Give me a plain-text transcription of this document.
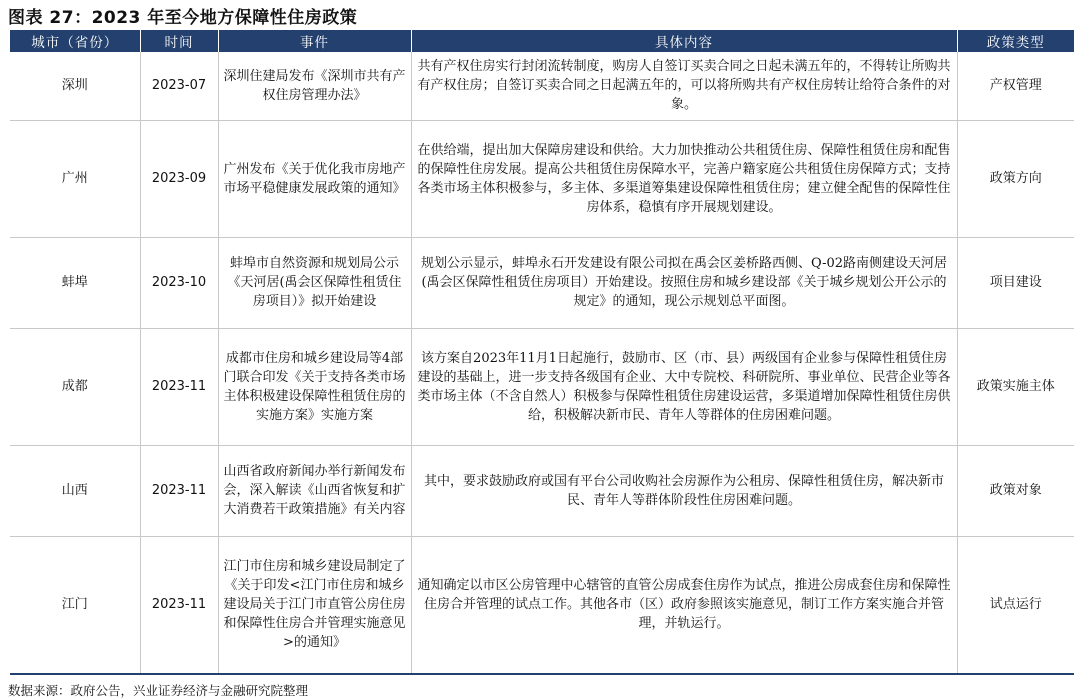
图表 27：2023 年至今地方保障性住房政策
城市（省份）	时间	事件	具体内容	政策类型
深圳	2023-07	深圳住建局发布《深圳市共有产权住房管理办法》	共有产权住房实行封闭流转制度，购房人自签订买卖合同之日起未满五年的，不得转让所购共有产权住房；自签订买卖合同之日起满五年的，可以将所购共有产权住房转让给符合条件的对象。	产权管理
广州	2023-09	广州发布《关于优化我市房地产市场平稳健康发展政策的通知》	在供给端，提出加大保障房建设和供给。大力加快推动公共租赁住房、保障性租赁住房和配售的保障性住房发展。提高公共租赁住房保障水平，完善户籍家庭公共租赁住房保障方式；支持各类市场主体积极参与，多主体、多渠道筹集建设保障性租赁住房；建立健全配售的保障性住房体系，稳慎有序开展规划建设。	政策方向
蚌埠	2023-10	蚌埠市自然资源和规划局公示《天河居(禹会区保障性租赁住房项目）》拟开始建设	规划公示显示，蚌埠永石开发建设有限公司拟在禹会区姜桥路西侧、Q-02路南侧建设天河居(禹会区保障性租赁住房项目）开始建设。按照住房和城乡建设部《关于城乡规划公开公示的规定》的通知，现公示规划总平面图。	项目建设
成都	2023-11	成都市住房和城乡建设局等4部门联合印发《关于支持各类市场主体积极建设保障性租赁住房的实施方案》实施方案	该方案自2023年11月1日起施行，鼓励市、区（市、县）两级国有企业参与保障性租赁住房建设的基础上，进一步支持各级国有企业、大中专院校、科研院所、事业单位、民营企业等各类市场主体（不含自然人）积极参与保障性租赁住房建设运营，多渠道增加保障性租赁住房供给，积极解决新市民、青年人等群体的住房困难问题。	政策实施主体
山西	2023-11	山西省政府新闻办举行新闻发布会，深入解读《山西省恢复和扩大消费若干政策措施》有关内容	其中，要求鼓励政府或国有平台公司收购社会房源作为公租房、保障性租赁住房，解决新市民、青年人等群体阶段性住房困难问题。	政策对象
江门	2023-11	江门市住房和城乡建设局制定了《关于印发<江门市住房和城乡建设局关于江门市直管公房住房和保障性住房合并管理实施意见>的通知》	通知确定以市区公房管理中心辖管的直管公房成套住房作为试点，推进公房成套住房和保障性住房合并管理的试点工作。其他各市（区）政府参照该实施意见，制订工作方案实施合并管理，并轨运行。	试点运行
数据来源：政府公告，兴业证券经济与金融研究院整理
